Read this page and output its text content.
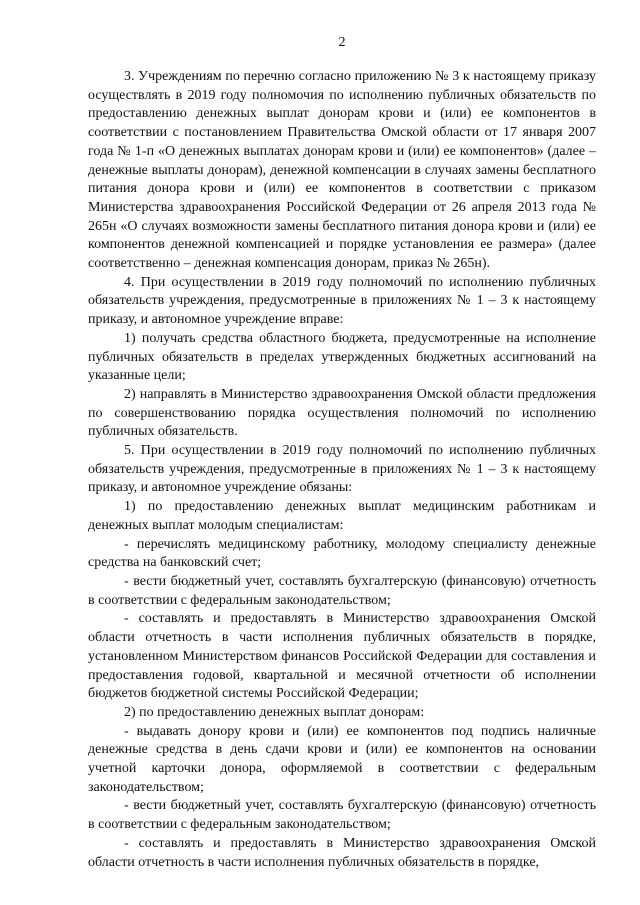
2

3. Учреждениям по перечню согласно приложению № 3 к настоящему приказу осуществлять в 2019 году полномочия по исполнению публичных обязательств по предоставлению денежных выплат донорам крови и (или) ее компонентов в соответствии с постановлением Правительства Омской области от 17 января 2007 года № 1-п «О денежных выплатах донорам крови и (или) ее компонентов» (далее – денежные выплаты донорам), денежной компенсации в случаях замены бесплатного питания донора крови и (или) ее компонентов в соответствии с приказом Министерства здравоохранения Российской Федерации от 26 апреля 2013 года № 265н «О случаях возможности замены бесплатного питания донора крови и (или) ее компонентов денежной компенсацией и порядке установления ее размера» (далее соответственно – денежная компенсация донорам, приказ № 265н).

4. При осуществлении в 2019 году полномочий по исполнению публичных обязательств учреждения, предусмотренные в приложениях № 1 – 3 к настоящему приказу, и автономное учреждение вправе:

1) получать средства областного бюджета, предусмотренные на исполнение публичных обязательств в пределах утвержденных бюджетных ассигнований на указанные цели;

2) направлять в Министерство здравоохранения Омской области предложения по совершенствованию порядка осуществления полномочий по исполнению публичных обязательств.

5. При осуществлении в 2019 году полномочий по исполнению публичных обязательств учреждения, предусмотренные в приложениях № 1 – 3 к настоящему приказу, и автономное учреждение обязаны:

1) по предоставлению денежных выплат медицинским работникам и денежных выплат молодым специалистам:

- перечислять медицинскому работнику, молодому специалисту денежные средства на банковский счет;

- вести бюджетный учет, составлять бухгалтерскую (финансовую) отчетность в соответствии с федеральным законодательством;

- составлять и предоставлять в Министерство здравоохранения Омской области отчетность в части исполнения публичных обязательств в порядке, установленном Министерством финансов Российской Федерации для составления и предоставления годовой, квартальной и месячной отчетности об исполнении бюджетов бюджетной системы Российской Федерации;

2) по предоставлению денежных выплат донорам:

- выдавать донору крови и (или) ее компонентов под подпись наличные денежные средства в день сдачи крови и (или) ее компонентов на основании учетной карточки донора, оформляемой в соответствии с федеральным законодательством;

- вести бюджетный учет, составлять бухгалтерскую (финансовую) отчетность в соответствии с федеральным законодательством;

- составлять и предоставлять в Министерство здравоохранения Омской области отчетность в части исполнения публичных обязательств в порядке,
